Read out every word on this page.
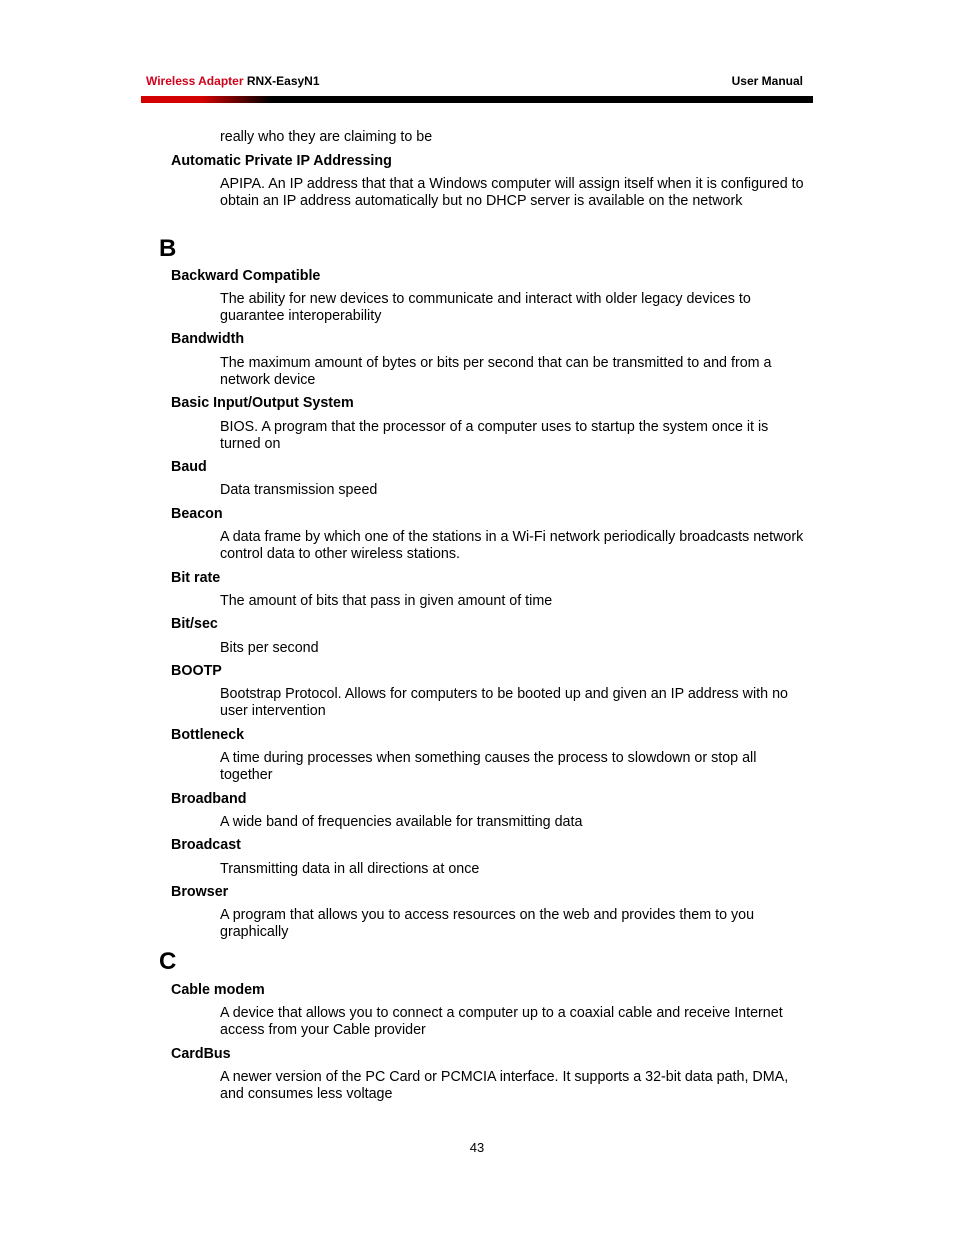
Wireless Adapter RNX-EasyN1	User Manual
really who they are claiming to be
Automatic Private IP Addressing
APIPA. An IP address that that a Windows computer will assign itself when it is configured to obtain an IP address automatically but no DHCP server is available on the network
B
Backward Compatible
The ability for new devices to communicate and interact with older legacy devices to guarantee interoperability
Bandwidth
The maximum amount of bytes or bits per second that can be transmitted to and from a network device
Basic Input/Output System
BIOS. A program that the processor of a computer uses to startup the system once it is turned on
Baud
Data transmission speed
Beacon
A data frame by which one of the stations in a Wi-Fi network periodically broadcasts network control data to other wireless stations.
Bit rate
The amount of bits that pass in given amount of time
Bit/sec
Bits per second
BOOTP
Bootstrap Protocol. Allows for computers to be booted up and given an IP address with no user intervention
Bottleneck
A time during processes when something causes the process to slowdown or stop all together
Broadband
A wide band of frequencies available for transmitting data
Broadcast
Transmitting data in all directions at once
Browser
A program that allows you to access resources on the web and provides them to you graphically
C
Cable modem
A device that allows you to connect a computer up to a coaxial cable and receive Internet access from your Cable provider
CardBus
A newer version of the PC Card or PCMCIA interface. It supports a 32-bit data path, DMA, and consumes less voltage
43
